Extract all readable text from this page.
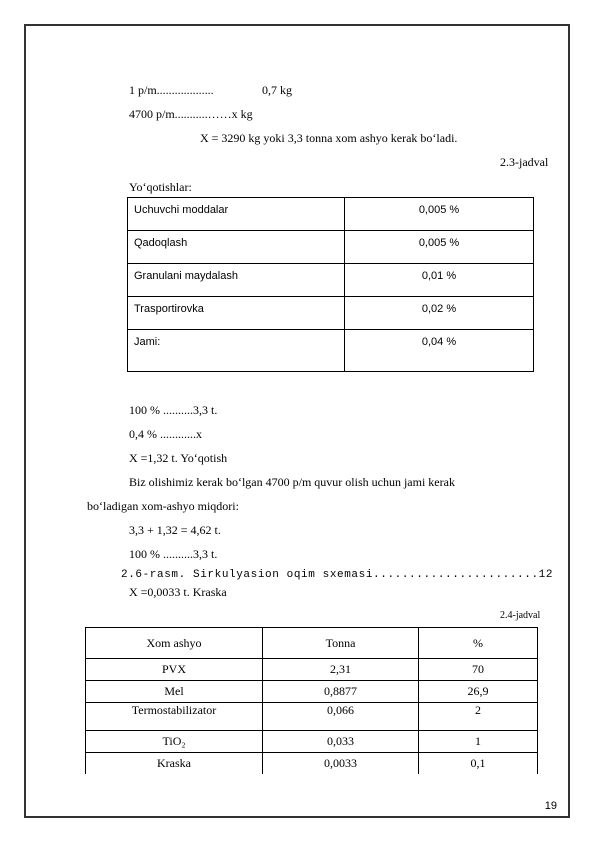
1 p/m...................	0,7 kg
4700 p/m...........……x kg
X = 3290 kg yoki 3,3 tonna xom ashyo kerak bo‘ladi.
2.3-jadval
Yo‘qotishlar:
Uchuvchi moddalar	0,005 %
Qadoqlash	0,005 %
Granulani maydalash	0,01 %
Trasportirovka	0,02 %
Jami:	0,04 %
100 % ..........3,3 t.
0,4 % ............x
X =1,32 t. Yo‘qotish
Biz olishimiz kerak bo‘lgan 4700 p/m quvur olish uchun jami kerak
bo‘ladigan xom-ashyo miqdori:
3,3 + 1,32 = 4,62 t.
100 % ..........3,3 t.
2.6-rasm. Sirkulyasion oqim sxemasi.......................12
X =0,0033 t. Kraska
2.4-jadval
Xom ashyo	Tonna	%
PVX	2,31	70
Mel	0,8877	26,9
Termostabilizator	0,066	2
TiO₂	0,033	1
Kraska	0,0033	0,1
19
